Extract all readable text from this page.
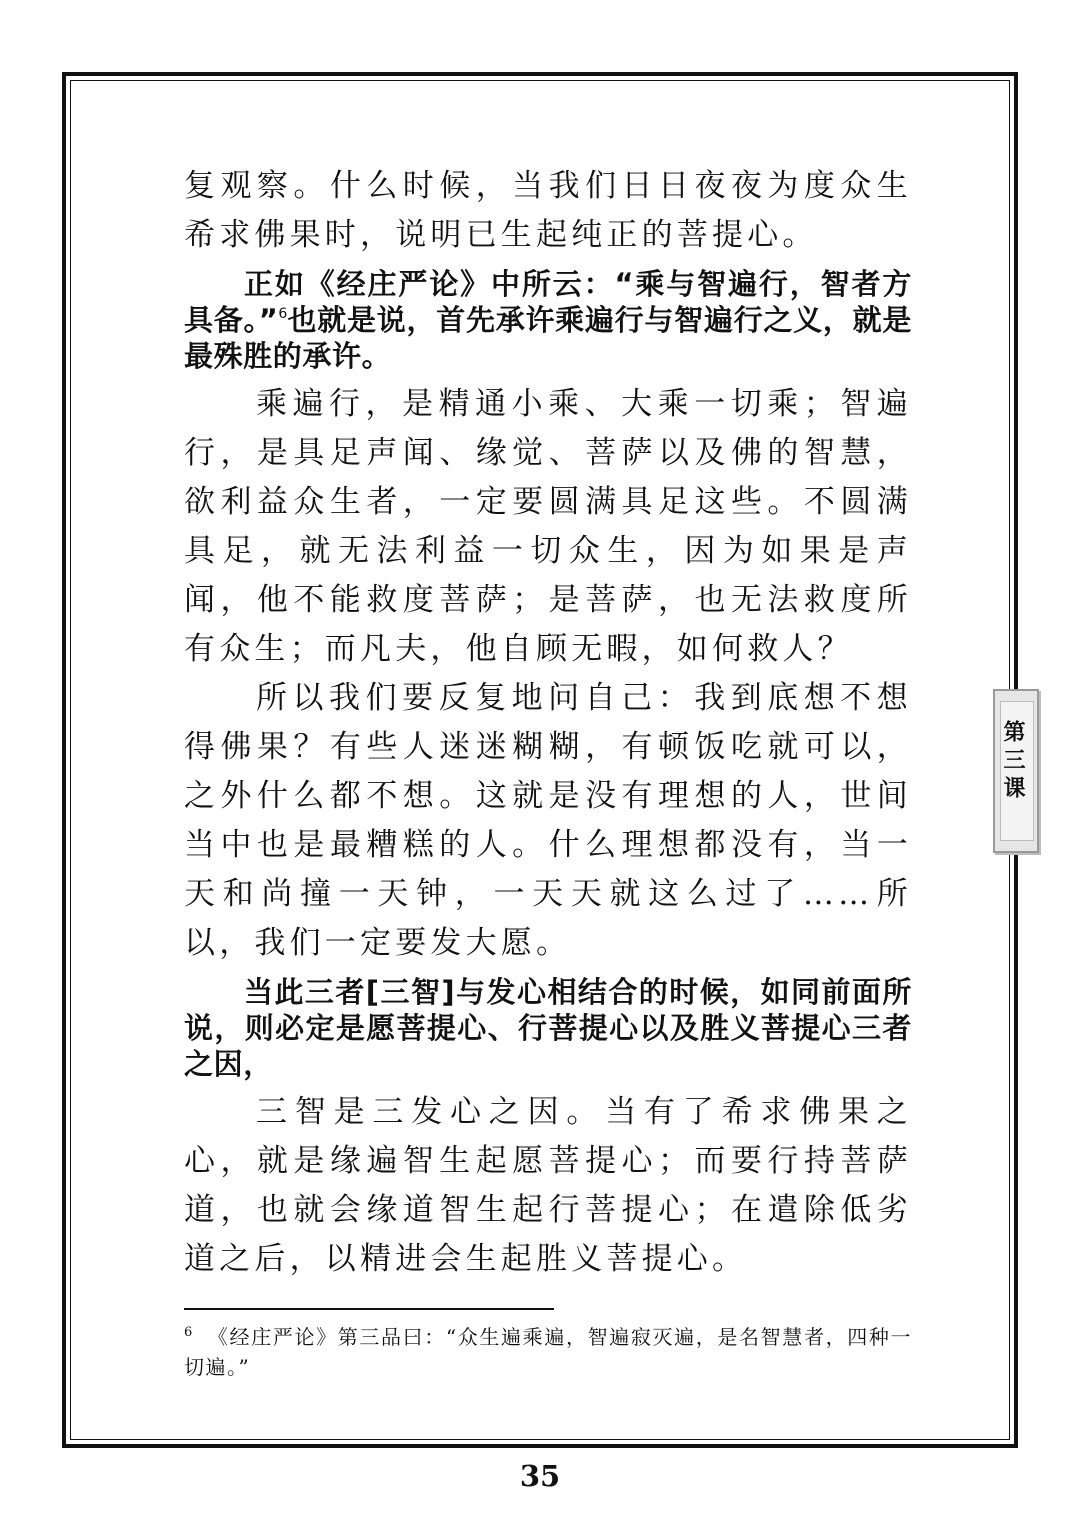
复观察。什么时候，当我们日日夜夜为度众生希求佛果时，说明已生起纯正的菩提心。

正如《经庄严论》中所云：“乘与智遍行，智者方具备。”$^6$也就是说，首先承许乘遍行与智遍行之义，就是最殊胜的承许。

乘遍行，是精通小乘、大乘一切乘；智遍行，是具足声闻、缘觉、菩萨以及佛的智慧，欲利益众生者，一定要圆满具足这些。不圆满具足，就无法利益一切众生，因为如果是声闻，他不能救度菩萨；是菩萨，也无法救度所有众生；而凡夫，他自顾无暇，如何救人？

所以我们要反复地问自己：我到底想不想得佛果？有些人迷迷糊糊，有顿饭吃就可以，之外什么都不想。这就是没有理想的人，世间当中也是最糟糕的人。什么理想都没有，当一天和尚撞一天钟，一天天就这么过了……所以，我们一定要发大愿。

当此三者[三智]与发心相结合的时候，如同前面所说，则必定是愿菩提心、行菩提心以及胜义菩提心三者之因，

三智是三发心之因。当有了希求佛果之心，就是缘遍智生起愿菩提心；而要行持菩萨道，也就会缘道智生起行菩提心；在遣除低劣道之后，以精进会生起胜义菩提心。

$^6$ 《经庄严论》第三品曰：“众生遍乘遍，智遍寂灭遍，是名智慧者，四种一切遍。”

第三课
35
